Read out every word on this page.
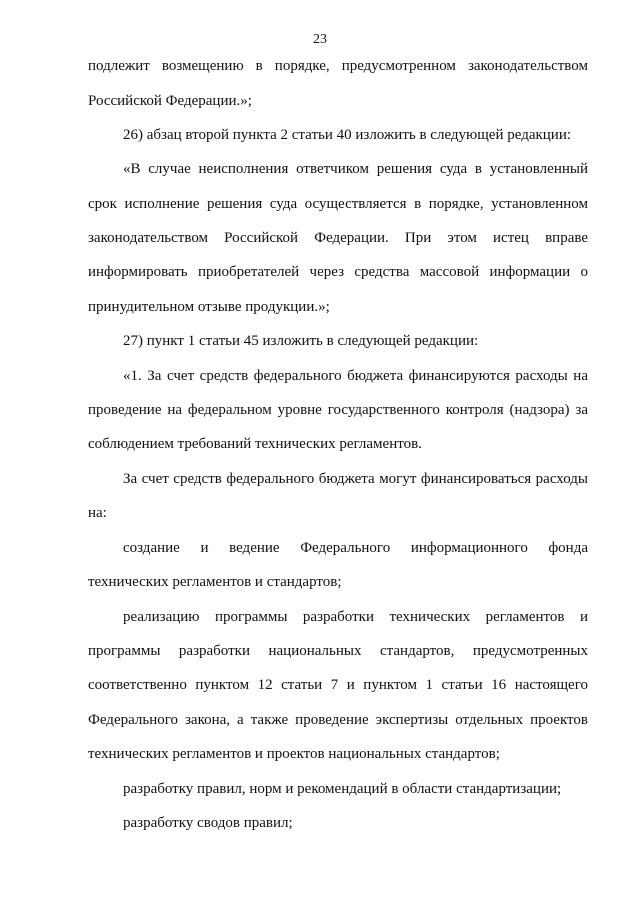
23
подлежит возмещению в порядке, предусмотренном законодательством
Российской Федерации.»;
26) абзац второй пункта 2 статьи 40 изложить в следующей редакции:
«В случае неисполнения ответчиком решения суда в установленный
срок исполнение решения суда осуществляется в порядке, установленном
законодательством Российской Федерации. При этом истец вправе
информировать приобретателей через средства массовой информации о
принудительном отзыве продукции.»;
27) пункт 1 статьи 45 изложить в следующей редакции:
«1. За счет средств федерального бюджета финансируются расходы на
проведение на федеральном уровне государственного контроля (надзора) за
соблюдением требований технических регламентов.
За счет средств федерального бюджета могут финансироваться расходы
на:
создание и ведение Федерального информационного фонда
технических регламентов и стандартов;
реализацию программы разработки технических регламентов и
программы разработки национальных стандартов, предусмотренных
соответственно пунктом 12 статьи 7 и пунктом 1 статьи 16 настоящего
Федерального закона, а также проведение экспертизы отдельных проектов
технических регламентов и проектов национальных стандартов;
разработку правил, норм и рекомендаций в области стандартизации;
разработку сводов правил;
